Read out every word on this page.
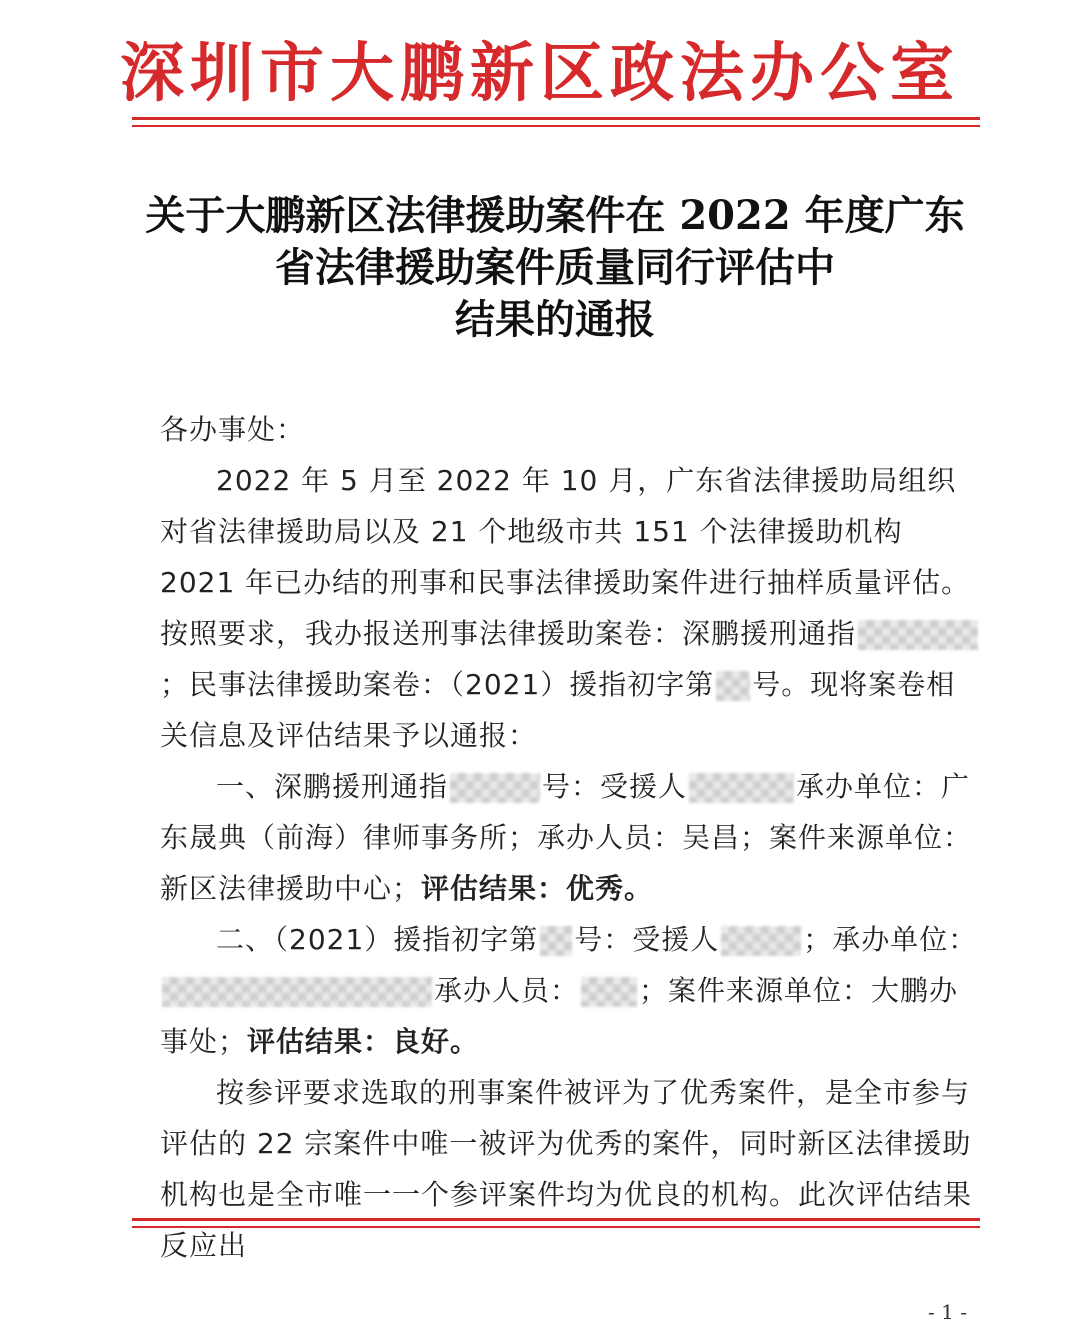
深圳市大鹏新区政法办公室
关于大鹏新区法律援助案件在 2022 年度广东
省法律援助案件质量同行评估中
结果的通报

各办事处：

2022 年 5 月至 2022 年 10 月，广东省法律援助局组织对省法律援助局以及 21 个地级市共 151 个法律援助机构 2021 年已办结的刑事和民事法律援助案件进行抽样质量评估。按照要求，我办报送刑事法律援助案卷：深鹏援刑通指；民事法律援助案卷：（2021）援指初字第 号。现将案卷相关信息及评估结果予以通报：

一、深鹏援刑通指	号：受援人	承办单位：广东晟典（前海）律师事务所；承办人员：吴昌；案件来源单位：新区法律援助中心；评估结果：优秀。

二、（2021）援指初字第 号：受援人	；承办单位：承办人员： ；案件来源单位：大鹏办事处；评估结果：良好。

按参评要求选取的刑事案件被评为了优秀案件，是全市参与评估的 22 宗案件中唯一被评为优秀的案件，同时新区法律援助机构也是全市唯一一个参评案件均为优良的机构。此次评估结果反应出

- 1 -
